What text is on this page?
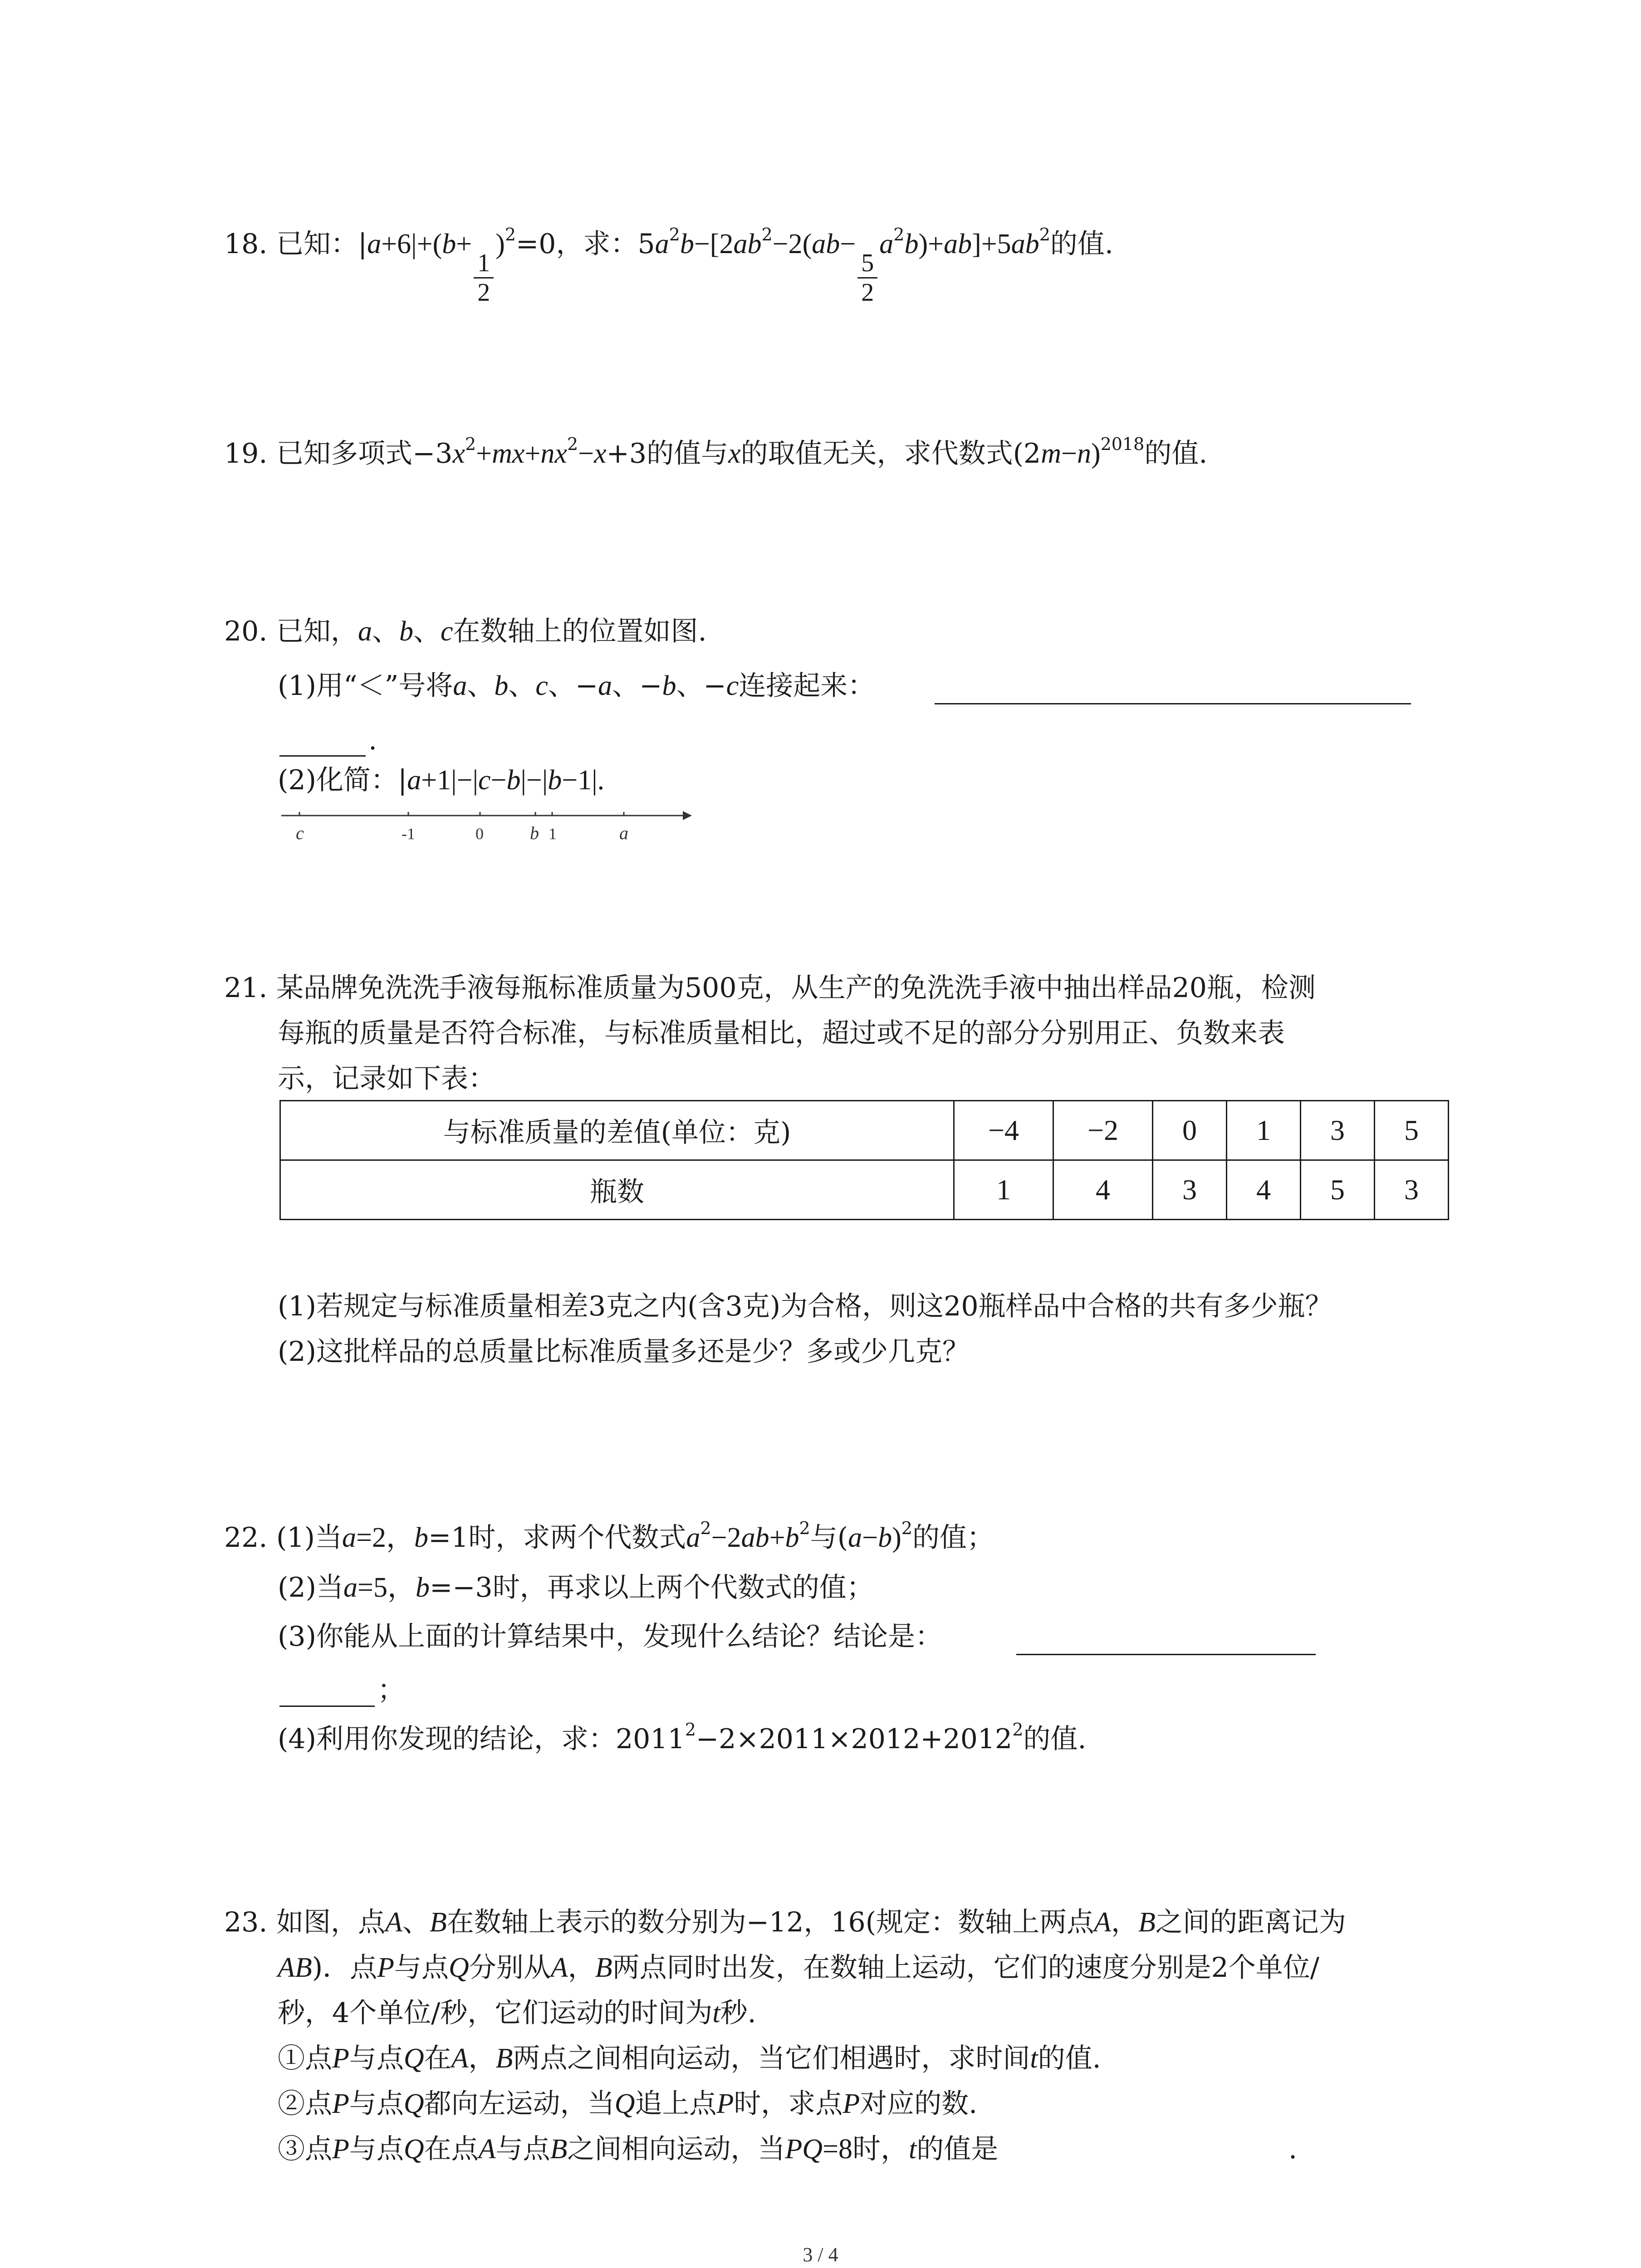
18. 已知：|a+6|+(b+
$\frac{1}{2}$
)$^2$=0，求：$5a^2b-[2ab^2-2(ab-$
$\frac{5}{2}$
$a^2b)+ab]+5ab^2$的值.
19. 已知多项式$-3x^2+mx+nx^2-x+3$的值与x的取值无关，求代数式$(2m-n)^{2018}$的值.
20. 已知，a、b、c在数轴上的位置如图.
(1)用“＜”号将a、b、c、−a、−b、−c连接起来：
.
(2)化简：|a+1|−|c−b|−|b−1|.
c	-1	0	b 1	a
21. 某品牌免洗洗手液每瓶标准质量为500克，从生产的免洗洗手液中抽出样品20瓶，检测
每瓶的质量是否符合标准，与标准质量相比，超过或不足的部分分别用正、负数来表
示，记录如下表：
与标准质量的差值(单位：克)	−4	−2	0	1	3	5
瓶数	1	4	3	4	5	3
(1)若规定与标准质量相差3克之内(含3克)为合格，则这20瓶样品中合格的共有多少瓶？
(2)这批样品的总质量比标准质量多还是少？多或少几克？
22. (1)当a=2，b=1时，求两个代数式$a^2-2ab+b^2$与$(a-b)^2$的值；
(2)当a=5，b=−3时，再求以上两个代数式的值；
(3)你能从上面的计算结果中，发现什么结论？结论是：
；
(4)利用你发现的结论，求：$2011^2-2\times 2011\times 2012+2012^2$的值.
23. 如图，点A、B在数轴上表示的数分别为−12，16(规定：数轴上两点A，B之间的距离记为
AB)．点P与点Q分别从A，B两点同时出发，在数轴上运动，它们的速度分别是2个单位/
秒，4个单位/秒，它们运动的时间为t秒.
①点P与点Q在A，B两点之间相向运动，当它们相遇时，求时间t的值.
②点P与点Q都向左运动，当Q追上点P时，求点P对应的数.
③点P与点Q在点A与点B之间相向运动，当PQ=8时，t的值是	.
3 / 4
